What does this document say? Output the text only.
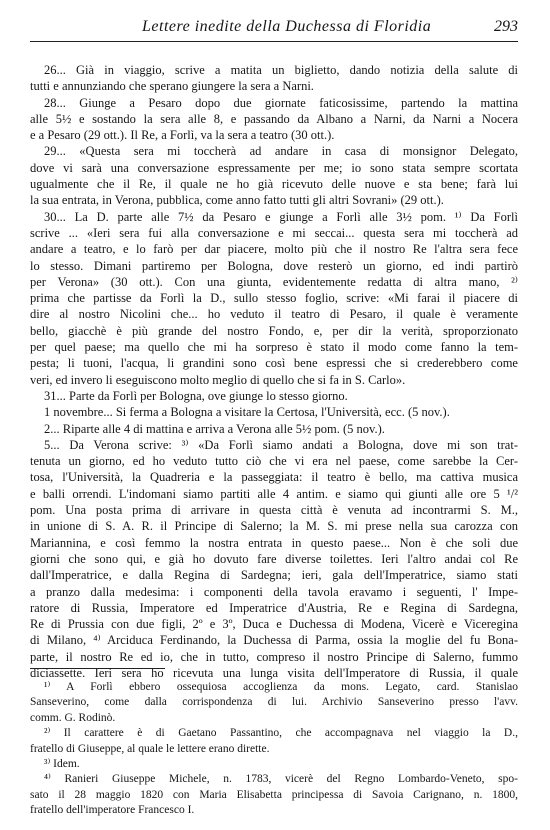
Lettere inedite della Duchessa di Floridia	293
26... Già in viaggio, scrive a matita un biglietto, dando notizia della salute di
tutti e annunziando che sperano giungere la sera a Narni.
28... Giunge a Pesaro dopo due giornate faticosissime, partendo la mattina
alle 5½ e sostando la sera alle 8, e passando da Albano a Narni, da Narni a Nocera
e a Pesaro (29 ott.). Il Re, a Forlì, va la sera a teatro (30 ott.).
29... «Questa sera mi toccherà ad andare in casa di monsignor Delegato,
dove vi sarà una conversazione espressamente per me; io sono stata sempre scortata
ugualmente che il Re, il quale ne ho già ricevuto delle nuove e sta bene; farà lui
la sua entrata, in Verona, pubblica, come anno fatto tutti gli altri Sovrani» (29 ott.).
30... La D. parte alle 7½ da Pesaro e giunge a Forlì alle 3½ pom. ¹⁾ Da Forlì
scrive ... «Ieri sera fui alla conversazione e mi seccai... questa sera mi toccherà ad
andare a teatro, e lo farò per dar piacere, molto più che il nostro Re l'altra sera fece
lo stesso. Dimani partiremo per Bologna, dove resterò un giorno, ed indi partirò
per Verona» (30 ott.). Con una giunta, evidentemente redatta di altra mano, ²⁾
prima che partisse da Forlì la D., sullo stesso foglio, scrive: «Mi farai il piacere di
dire al nostro Nicolini che... ho veduto il teatro di Pesaro, il quale è veramente
bello, giacchè è più grande del nostro Fondo, e, per dir la verità, sproporzionato
per quel paese; ma quello che mi ha sorpreso è stato il modo come fanno la tem-
pesta; li tuoni, l'acqua, li grandini sono così bene espressi che si crederebbero come
veri, ed invero li eseguiscono molto meglio di quello che si fa in S. Carlo».
31... Parte da Forlì per Bologna, ove giunge lo stesso giorno.
1 novembre... Si ferma a Bologna a visitare la Certosa, l'Università, ecc. (5 nov.).
2... Riparte alle 4 di mattina e arriva a Verona alle 5½ pom. (5 nov.).
5... Da Verona scrive: ³⁾ «Da Forlì siamo andati a Bologna, dove mi son trat-
tenuta un giorno, ed ho veduto tutto ciò che vi era nel paese, come sarebbe la Cer-
tosa, l'Università, la Quadreria e la passeggiata: il teatro è bello, ma cattiva musica
e balli orrendi. L'indomani siamo partiti alle 4 antim. e siamo qui giunti alle ore 5 ¹/²
pom. Una posta prima di arrivare in questa città è venuta ad incontrarmi S. M.,
in unione di S. A. R. il Principe di Salerno; la M. S. mi prese nella sua carozza con
Mariannina, e così femmo la nostra entrata in questo paese... Non è che soli due
giorni che sono qui, e già ho dovuto fare diverse toilettes. Ieri l'altro andai col Re
dall'Imperatrice, e dalla Regina di Sardegna; ieri, gala dell'Imperatrice, siamo stati
a pranzo dalla medesima: i componenti della tavola eravamo i seguenti, l' Impe-
ratore di Russia, Imperatore ed Imperatrice d'Austria, Re e Regina di Sardegna,
Re di Prussia con due figli, 2º e 3º, Duca e Duchessa di Modena, Vicerè e Viceregina
di Milano, ⁴⁾ Arciduca Ferdinando, la Duchessa di Parma, ossia la moglie del fu Bona-
parte, il nostro Re ed io, che in tutto, compreso il nostro Principe di Salerno, fummo
diciassette. Ieri sera ho ricevuta una lunga visita dell'Imperatore di Russia, il quale
¹⁾ A Forlì ebbero ossequiosa accoglienza da mons. Legato, card. Stanislao
Sanseverino, come dalla corrispondenza di lui. Archivio Sanseverino presso l'avv.
comm. G. Rodinò.
²⁾ Il carattere è di Gaetano Passantino, che accompagnava nel viaggio la D.,
fratello di Giuseppe, al quale le lettere erano dirette.
³⁾ Idem.
⁴⁾ Ranieri Giuseppe Michele, n. 1783, vicerè del Regno Lombardo-Veneto, spo-
sato il 28 maggio 1820 con Maria Elisabetta principessa di Savoia Carignano, n. 1800,
fratello dell'imperatore Francesco I.
